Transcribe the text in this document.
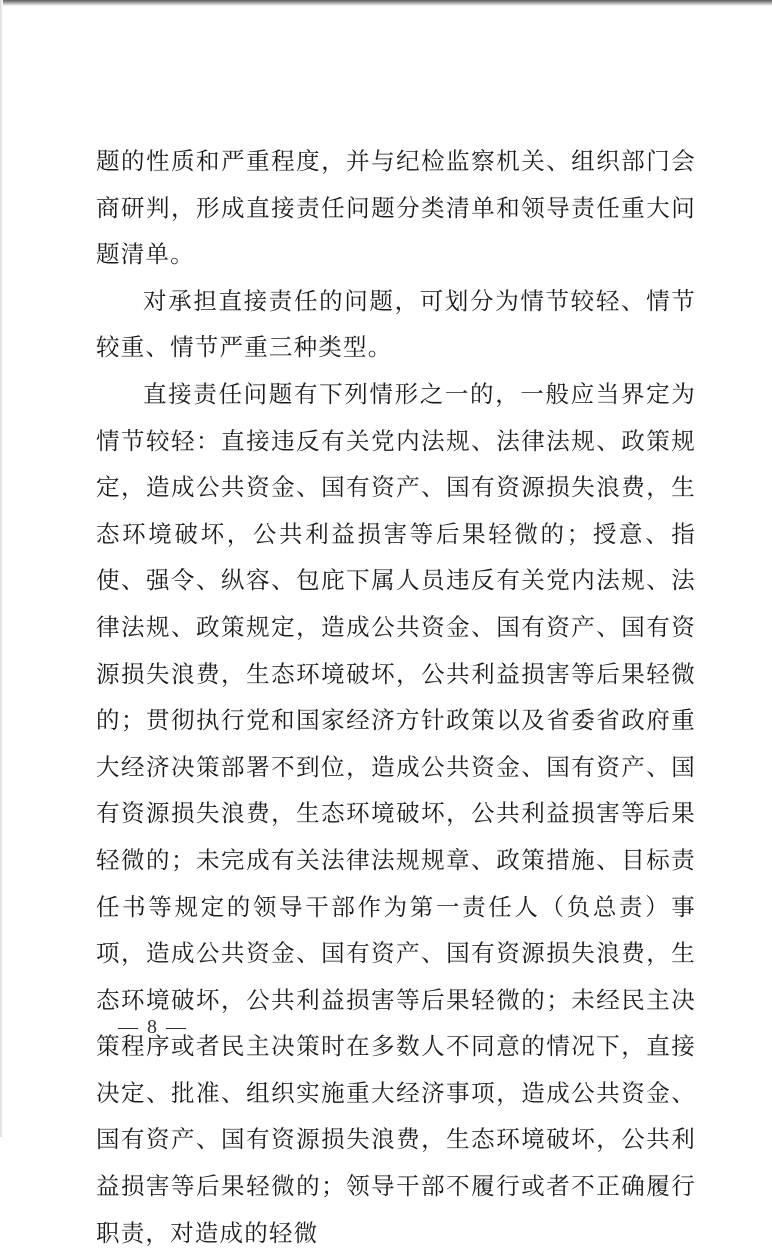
题的性质和严重程度，并与纪检监察机关、组织部门会商研判，形成直接责任问题分类清单和领导责任重大问题清单。

对承担直接责任的问题，可划分为情节较轻、情节较重、情节严重三种类型。

直接责任问题有下列情形之一的，一般应当界定为情节较轻：直接违反有关党内法规、法律法规、政策规定，造成公共资金、国有资产、国有资源损失浪费，生态环境破坏，公共利益损害等后果轻微的；授意、指使、强令、纵容、包庇下属人员违反有关党内法规、法律法规、政策规定，造成公共资金、国有资产、国有资源损失浪费，生态环境破坏，公共利益损害等后果轻微的；贯彻执行党和国家经济方针政策以及省委省政府重大经济决策部署不到位，造成公共资金、国有资产、国有资源损失浪费，生态环境破坏，公共利益损害等后果轻微的；未完成有关法律法规规章、政策措施、目标责任书等规定的领导干部作为第一责任人（负总责）事项，造成公共资金、国有资产、国有资源损失浪费，生态环境破坏，公共利益损害等后果轻微的；未经民主决策程序或者民主决策时在多数人不同意的情况下，直接决定、批准、组织实施重大经济事项，造成公共资金、国有资产、国有资源损失浪费，生态环境破坏，公共利益损害等后果轻微的；领导干部不履行或者不正确履行职责，对造成的轻微

— 8 —
